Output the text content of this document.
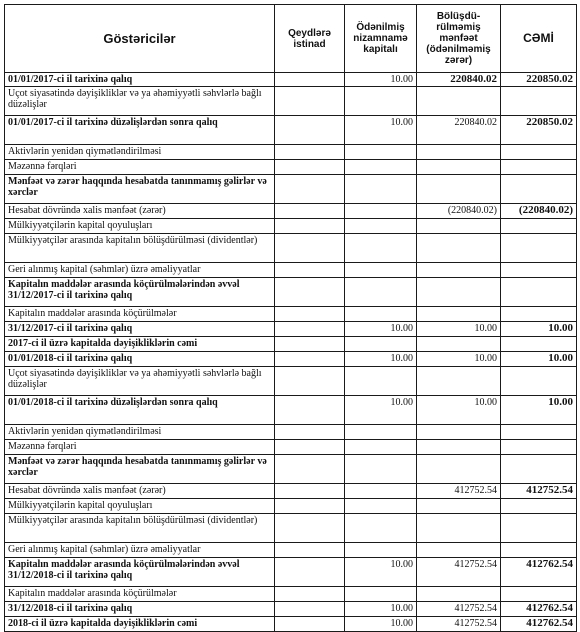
Göstəricilər	Qeydlərə istinad	Ödənilmiş nizamnamə kapitalı	Bölüşdü-rülməmiş mənfəət (ödənilməmiş zərər)	CƏMİ
01/01/2017-ci il tarixinə qalıq		10.00	220840.02	220850.02
Uçot siyasətində dəyişikliklər və ya əhəmiyyətli səhvlərlə bağlı düzəlişlər				
01/01/2017-ci il tarixinə düzəlişlərdən sonra qalıq		10.00	220840.02	220850.02
Aktivlərin yenidən qiymətləndirilməsi				
Məzənnə fərqləri				
Mənfəət və zərər haqqında hesabatda tanınmamış gəlirlər və xərclər				
Hesabat dövründə xalis mənfəət (zərər)			(220840.02)	(220840.02)
Mülkiyyətçilərin kapital qoyuluşları				
Mülkiyyətçilər arasında kapitalın bölüşdürülməsi (dividentlər)				
Geri alınmış kapital (səhmlər) üzrə əməliyyatlar				
Kapitalın maddələr arasında köçürülmələrindən əvvəl 31/12/2017-ci il tarixinə qalıq				
Kapitalın maddələr arasında köçürülmələr				
31/12/2017-ci il tarixinə qalıq		10.00	10.00	10.00
2017-ci il üzrə kapitalda dəyişikliklərin cəmi				
01/01/2018-ci il tarixinə qalıq		10.00	10.00	10.00
Uçot siyasətində dəyişikliklər və ya əhəmiyyətli səhvlərlə bağlı düzəlişlər				
01/01/2018-ci il tarixinə düzəlişlərdən sonra qalıq		10.00	10.00	10.00
Aktivlərin yenidən qiymətləndirilməsi				
Məzənnə fərqləri				
Mənfəət və zərər haqqında hesabatda tanınmamış gəlirlər və xərclər				
Hesabat dövründə xalis mənfəət (zərər)			412752.54	412752.54
Mülkiyyətçilərin kapital qoyuluşları				
Mülkiyyətçilər arasında kapitalın bölüşdürülməsi (dividentlər)				
Geri alınmış kapital (səhmlər) üzrə əməliyyatlar				
Kapitalın maddələr arasında köçürülmələrindən əvvəl 31/12/2018-ci il tarixinə qalıq		10.00	412752.54	412762.54
Kapitalın maddələr arasında köçürülmələr				
31/12/2018-ci il tarixinə qalıq		10.00	412752.54	412762.54
2018-ci il üzrə kapitalda dəyişikliklərin cəmi		10.00	412752.54	412762.54
